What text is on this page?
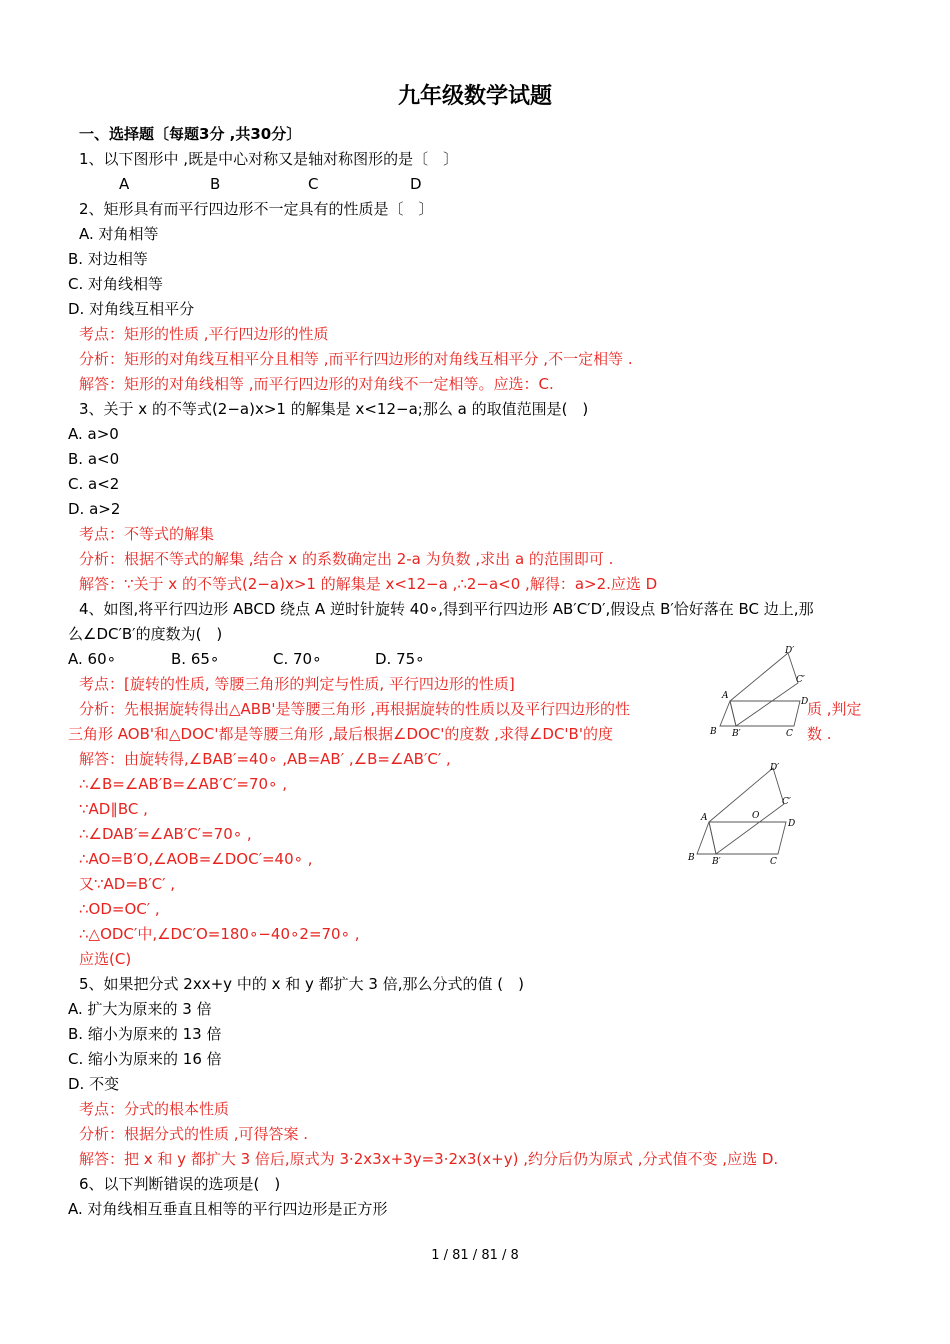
九年级数学试题
一、选择题〔每题3分 ,共30分〕
1、以下图形中 ,既是中心对称又是轴对称图形的是〔　〕
A	B	C	D
2、矩形具有而平行四边形不一定具有的性质是〔　〕
A. 对角相等
B. 对边相等
C. 对角线相等
D. 对角线互相平分
考点：矩形的性质 ,平行四边形的性质
分析：矩形的对角线互相平分且相等 ,而平行四边形的对角线互相平分 ,不一定相等 .
解答：矩形的对角线相等 ,而平行四边形的对角线不一定相等。应选：C.
3、关于 x 的不等式(2−a)x>1 的解集是 x<12−a;那么 a 的取值范围是(　)
A. a>0
B. a<0
C. a<2
D. a>2
考点：不等式的解集
分析：根据不等式的解集 ,结合 x 的系数确定出 2-a 为负数 ,求出 a 的范围即可 .
解答：∵关于 x 的不等式(2−a)x>1 的解集是 x<12−a ,∴2−a<0 ,解得：a>2.应选 D
4、如图,将平行四边形 ABCD 绕点 A 逆时针旋转 40∘,得到平行四边形 AB′C′D′,假设点 B′恰好落在 BC 边上,那
么∠DC′B′的度数为(　)
A. 60∘	B. 65∘	C. 70∘	D. 75∘
考点：[旋转的性质, 等腰三角形的判定与性质, 平行四边形的性质]
分析：先根据旋转得出△ABB'是等腰三角形 ,再根据旋转的性质以及平行四边形的性	质 ,判定
三角形 AOB'和△DOC'都是等腰三角形 ,最后根据∠DOC'的度数 ,求得∠DC'B'的度	数 .
解答：由旋转得,∠BAB′=40∘ ,AB=AB′ ,∠B=∠AB′C′ ,
∴∠B=∠AB′B=∠AB′C′=70∘ ,
∵AD∥BC ,
∴∠DAB′=∠AB′C′=70∘ ,
∴AO=B′O,∠AOB=∠DOC′=40∘ ,
又∵AD=B′C′ ,
∴OD=OC′ ,
∴△ODC′中,∠DC′O=180∘−40∘2=70∘ ,
应选(C)
A
B B′	C
D
C′
D′
A
B B′	C
D
C′
D′
O
5、如果把分式 2xx+y 中的 x 和 y 都扩大 3 倍,那么分式的值 (　)
A. 扩大为原来的 3 倍
B. 缩小为原来的 13 倍
C. 缩小为原来的 16 倍
D. 不变
考点：分式的根本性质
分析：根据分式的性质 ,可得答案 .
解答：把 x 和 y 都扩大 3 倍后,原式为 3⋅2x3x+3y=3⋅2x3(x+y) ,约分后仍为原式 ,分式值不变 ,应选 D.
6、以下判断错误的选项是(　)
A. 对角线相互垂直且相等的平行四边形是正方形
1 / 81 / 81 / 8
